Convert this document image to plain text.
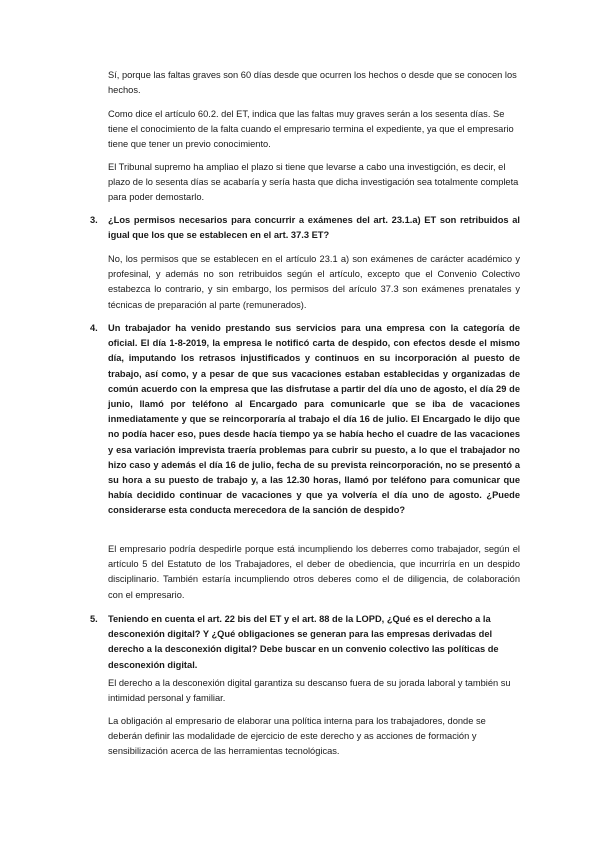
Sí, porque las faltas graves son 60 días desde que ocurren los hechos o desde que se conocen los hechos.

Como dice el artículo 60.2. del ET, indica que las faltas muy graves serán a los sesenta días. Se tiene el conocimiento de la falta cuando el empresario termina el expediente, ya que el empresario tiene que tener un previo conocimiento.

El Tribunal supremo ha ampliao el plazo si tiene que levarse a cabo una investigción, es decir, el plazo de lo sesenta días se acabaría y sería hasta que dicha investigación sea totalmente completa para poder demostarlo.

3. ¿Los permisos necesarios para concurrir a exámenes del art. 23.1.a) ET son retribuidos al igual que los que se establecen en el art. 37.3 ET?

No, los permisos que se establecen en el artículo 23.1 a) son exámenes de carácter académico y profesinal, y además no son retribuidos según el artículo, excepto que el Convenio Colectivo estabezca lo contrario, y sin embargo, los permisos del arículo 37.3 son exámenes prenatales y técnicas de preparación al parte (remunerados).

4. Un trabajador ha venido prestando sus servicios para una empresa con la categoría de oficial. El día 1-8-2019, la empresa le notificó carta de despido, con efectos desde el mismo día, imputando los retrasos injustificados y continuos en su incorporación al puesto de trabajo, así como, y a pesar de que sus vacaciones estaban establecidas y organizadas de común acuerdo con la empresa que las disfrutase a partir del día uno de agosto, el día 29 de junio, llamó por teléfono al Encargado para comunicarle que se iba de vacaciones inmediatamente y que se reincorporaría al trabajo el día 16 de julio. El Encargado le dijo que no podía hacer eso, pues desde hacía tiempo ya se había hecho el cuadre de las vacaciones y esa variación imprevista traería problemas para cubrir su puesto, a lo que el trabajador no hizo caso y además el día 16 de julio, fecha de su prevista reincorporación, no se presentó a su hora a su puesto de trabajo y, a las 12.30 horas, llamó por teléfono para comunicar que había decidido continuar de vacaciones y que ya volvería el día uno de agosto. ¿Puede considerarse esta conducta merecedora de la sanción de despido?

El empresario podría despedirle porque está incumpliendo los deberres como trabajador, según el artículo 5 del Estatuto de los Trabajadores, el deber de obediencia, que incurriría en un despido disciplinario. También estaría incumpliendo otros deberes como el de diligencia, de colaboración con el empresario.

5. Teniendo en cuenta el art. 22 bis del ET y el art. 88 de la LOPD, ¿Qué es el derecho a la desconexión digital? Y ¿Qué obligaciones se generan para las empresas derivadas del derecho a la desconexión digital? Debe buscar en un convenio colectivo las políticas de desconexión digital.

El derecho a la desconexión digital garantiza su descanso fuera de su jorada laboral y también su intimidad personal y familiar.

La obligación al empresario de elaborar una política interna para los trabajadores, donde se deberán definir las modalidade de ejercicio de este derecho y as acciones de formación y sensibilización acerca de las herramientas tecnológicas.
